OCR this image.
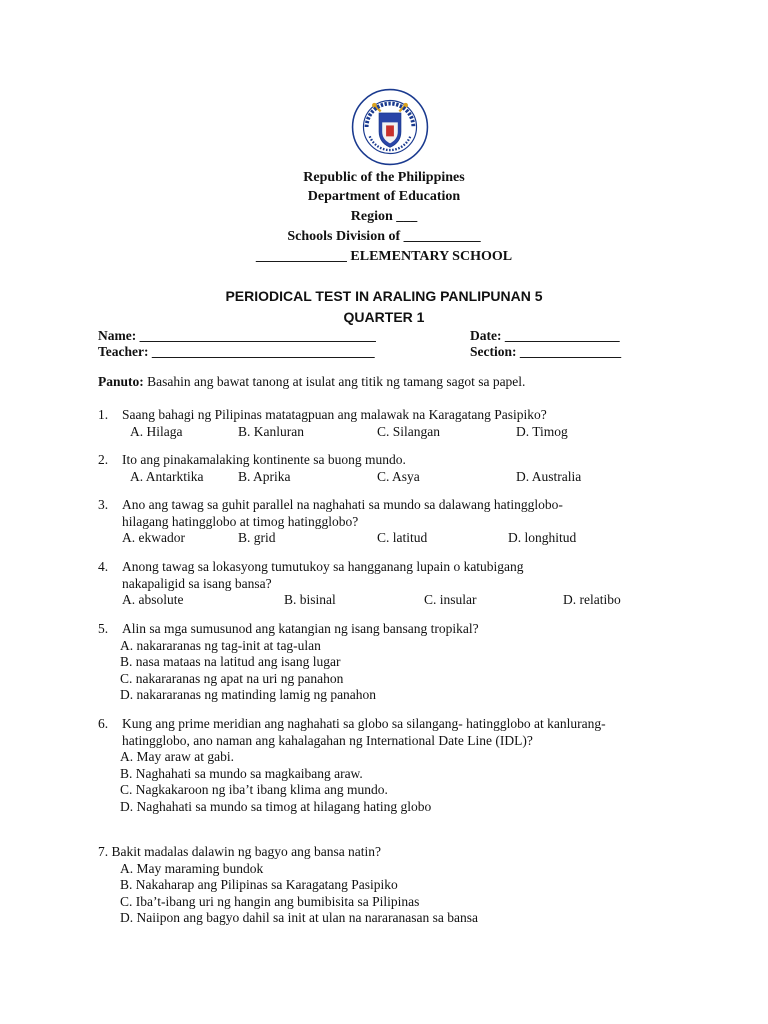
Republic of the Philippines
Department of Education
Region ___
Schools Division of ___________
_____________ ELEMENTARY SCHOOL
PERIODICAL TEST IN ARALING PANLIPUNAN 5
QUARTER 1
Name: ___________________________________	Date: _________________
Teacher: _________________________________	Section: _______________
Panuto: Basahin ang bawat tanong at isulat ang titik ng tamang sagot sa papel.
1. Saang bahagi ng Pilipinas matatagpuan ang malawak na Karagatang Pasipiko?
A. Hilaga	B. Kanluran	C. Silangan	D. Timog
2. Ito ang pinakamalaking kontinente sa buong mundo.
A. Antarktika	B. Aprika	C. Asya	D. Australia
3. Ano ang tawag sa guhit parallel na naghahati sa mundo sa dalawang hatingglobo- hilagang hatingglobo at timog hatingglobo?
A. ekwador	B. grid	C. latitud	D. longhitud
4. Anong tawag sa lokasyong tumutukoy sa hangganang lupain o katubigang nakapaligid sa isang bansa?
A. absolute	B. bisinal	C. insular	D. relatibo
5. Alin sa mga sumusunod ang katangian ng isang bansang tropikal?
A. nakararanas ng tag-init at tag-ulan
B. nasa mataas na latitud ang isang lugar
C. nakararanas ng apat na uri ng panahon
D. nakararanas ng matinding lamig ng panahon
6. Kung ang prime meridian ang naghahati sa globo sa silangang- hatingglobo at kanlurang- hatingglobo, ano naman ang kahalagahan ng International Date Line (IDL)?
A. May araw at gabi.
B. Naghahati sa mundo sa magkaibang araw.
C. Nagkakaroon ng iba’t ibang klima ang mundo.
D. Naghahati sa mundo sa timog at hilagang hating globo
7. Bakit madalas dalawin ng bagyo ang bansa natin?
A. May maraming bundok
B. Nakaharap ang Pilipinas sa Karagatang Pasipiko
C. Iba’t-ibang uri ng hangin ang bumibisita sa Pilipinas
D. Naiipon ang bagyo dahil sa init at ulan na nararanasan sa bansa
